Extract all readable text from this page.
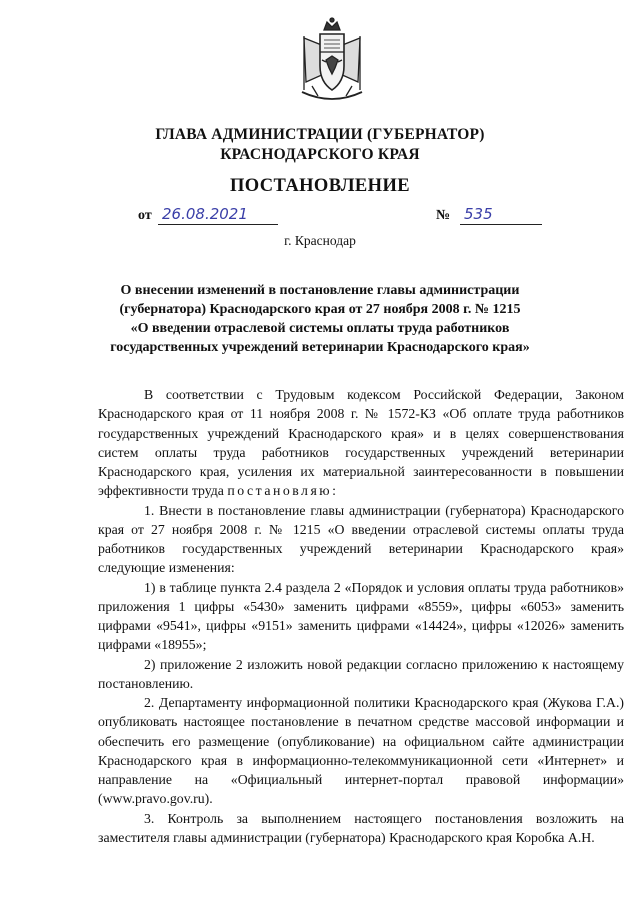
ГЛАВА АДМИНИСТРАЦИИ (ГУБЕРНАТОР)
КРАСНОДАРСКОГО КРАЯ
ПОСТАНОВЛЕНИЕ
от 26.08.2021	№ 535
г. Краснодар
О внесении изменений в постановление главы администрации
(губернатора) Краснодарского края от 27 ноября 2008 г. № 1215
«О введении отраслевой системы оплаты труда работников
государственных учреждений ветеринарии Краснодарского края»

В соответствии с Трудовым кодексом Российской Федерации, Законом Краснодарского края от 11 ноября 2008 г. № 1572-КЗ «Об оплате труда работников государственных учреждений Краснодарского края» и в целях совершенствования систем оплаты труда работников государственных учреждений ветеринарии Краснодарского края, усиления их материальной заинтересованности в повышении эффективности труда постановляю:

1. Внести в постановление главы администрации (губернатора) Краснодарского края от 27 ноября 2008 г. № 1215 «О введении отраслевой системы оплаты труда работников государственных учреждений ветеринарии Краснодарского края» следующие изменения:

1) в таблице пункта 2.4 раздела 2 «Порядок и условия оплаты труда работников» приложения 1 цифры «5430» заменить цифрами «8559», цифры «6053» заменить цифрами «9541», цифры «9151» заменить цифрами «14424», цифры «12026» заменить цифрами «18955»;

2) приложение 2 изложить новой редакции согласно приложению к настоящему постановлению.

2. Департаменту информационной политики Краснодарского края (Жукова Г.А.) опубликовать настоящее постановление в печатном средстве массовой информации и обеспечить его размещение (опубликование) на официальном сайте администрации Краснодарского края в информационно-телекоммуникационной сети «Интернет» и направление на «Официальный интернет-портал правовой информации» (www.pravo.gov.ru).

3. Контроль за выполнением настоящего постановления возложить на заместителя главы администрации (губернатора) Краснодарского края Коробка А.Н.
